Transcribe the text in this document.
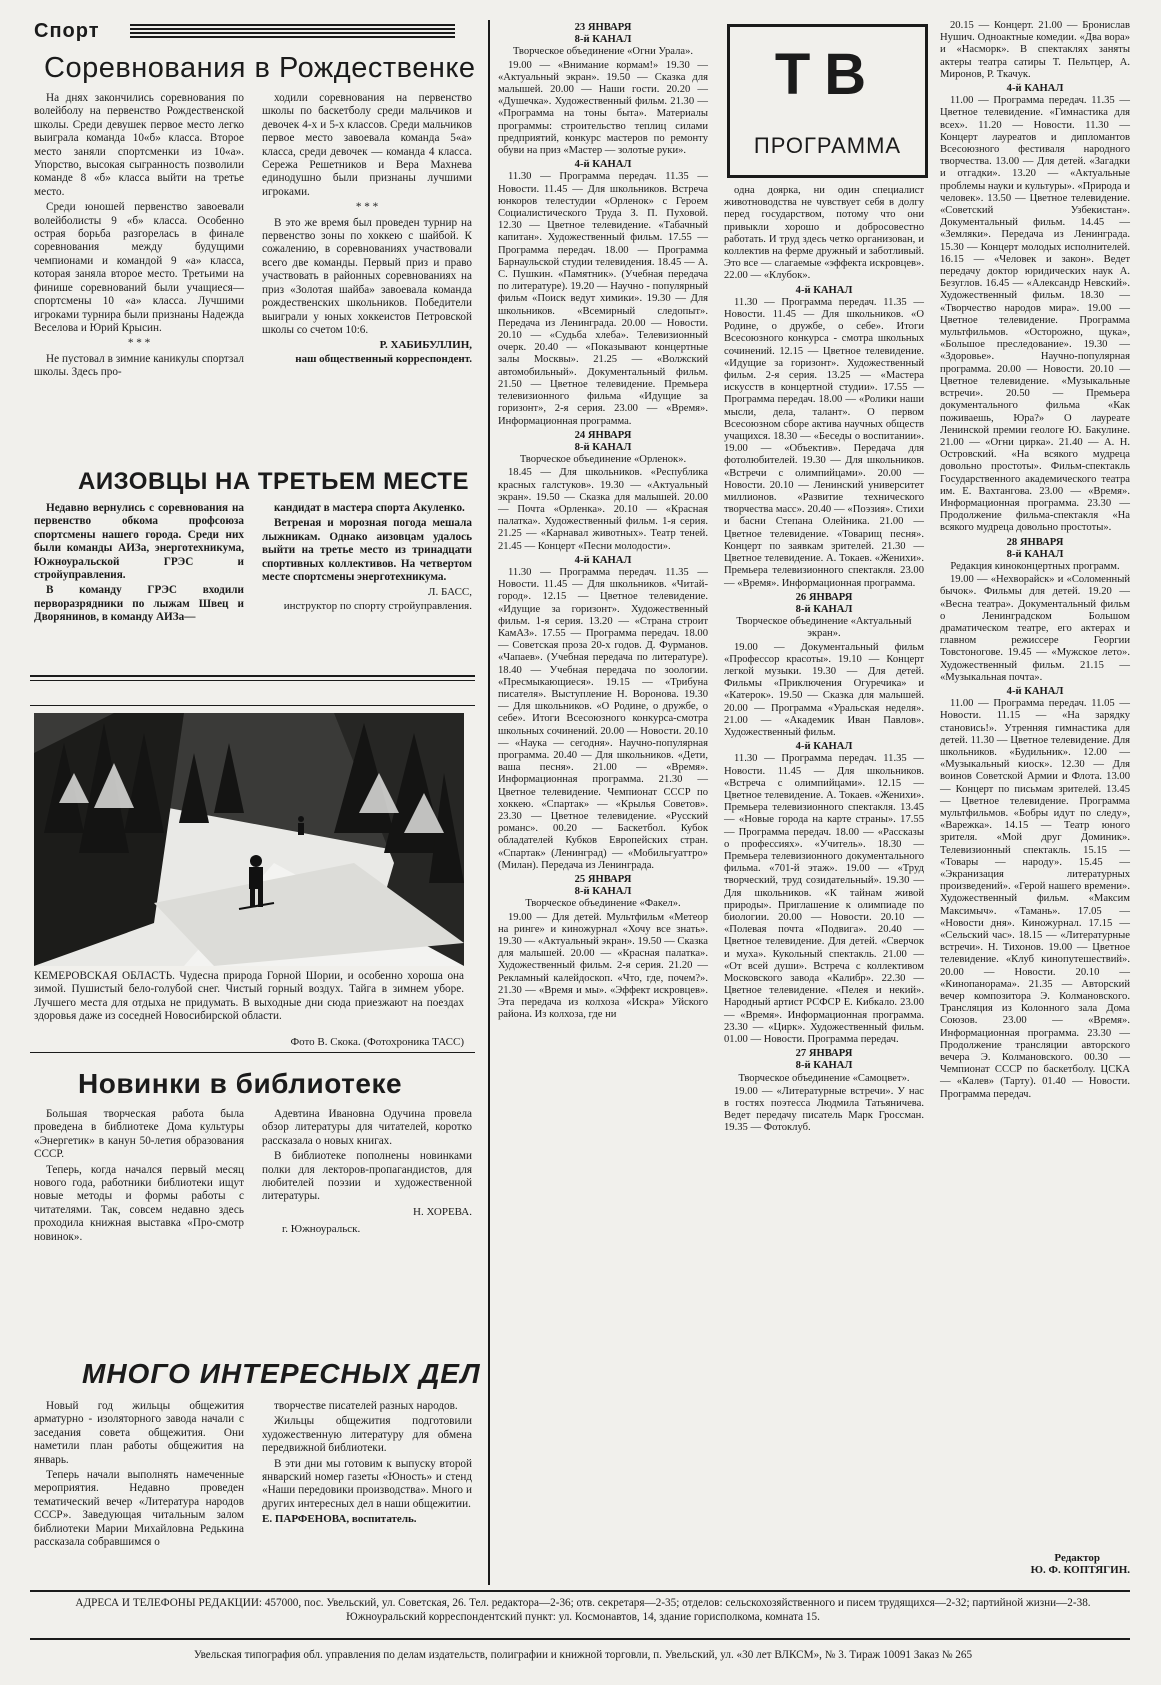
Спорт
Соревнования в Рождественке

На днях закончились соревнования по волейболу на первенство Рождественской школы. Среди девушек первое место легко выиграла команда 10«б» класса. Второе место заняли спортсменки из 10«а». Упорство, высокая сыгранность позволили команде 8 «б» класса выйти на третье место.

Среди юношей первенство завоевали волейболисты 9 «б» класса. Особенно острая борьба разгорелась в финале соревнования между будущими чемпионами и командой 9 «а» класса, которая заняла второе место. Третьими на финише соревнований были учащиеся—спортсмены 10 «а» класса. Лучшими игроками турнира были признаны Надежда Веселова и Юрий Крысин.

* * *

Не пустовал в зимние каникулы спортзал школы. Здесь про-

ходили соревнования на первенство школы по баскетболу среди мальчиков и девочек 4-х и 5-х классов. Среди мальчиков первое место завоевала команда 5«а» класса, среди девочек — команда 4 класса. Сережа Решетников и Вера Махнева единодушно были признаны лучшими игроками.

* * *

В это же время был проведен турнир на первенство зоны по хоккею с шайбой. К сожалению, в соревнованиях участвовали всего две команды. Первый приз и право участвовать в районных соревнованиях на приз «Золотая шайба» завоевала команда рождественских школьников. Победители выиграли у юных хоккеистов Петровской школы со счетом 10:6.

Р. ХАБИБУЛЛИН,
наш общественный корреспондент.
АИЗОВЦЫ НА ТРЕТЬЕМ МЕСТЕ

Недавно вернулись с соревнования на первенство обкома профсоюза спортсмены нашего города. Среди них были команды АИЗа, энерготехникума, Южноуральской ГРЭС и стройуправления.

В команду ГРЭС входили перворазрядники по лыжам Швец и Дворянинов, в команду АИЗа—

кандидат в мастера спорта Акуленко.

Ветреная и морозная погода мешала лыжникам. Однако аизовцам удалось выйти на третье место из тринадцати спортивных коллективов. На четвертом месте спортсмены энерготехникума.

Л. БАСС,
инструктор по спорту стройуправления.
КЕМЕРОВСКАЯ ОБЛАСТЬ. Чудесна природа Горной Шории, и особенно хороша она зимой. Пушистый бело-голубой снег. Чистый горный воздух. Тайга в зимнем уборе. Лучшего места для отдыха не придумать. В выходные дни сюда приезжают на поездах здоровья даже из соседней Новосибирской области.
Фото В. Скока. (Фотохроника ТАСС)
Новинки в библиотеке

Большая творческая работа была проведена в библиотеке Дома культуры «Энергетик» в канун 50-летия образования СССР.

Теперь, когда начался первый месяц нового года, работники библиотеки ищут новые методы и формы работы с читателями. Так, совсем недавно здесь проходила книжная выставка «Про-смотр новинок».

Адевтина Ивановна Одучина провела обзор литературы для читателей, коротко рассказала о новых книгах.

В библиотеке пополнены новинками полки для лекторов-пропагандистов, для любителей поэзии и художественной литературы.

Н. ХОРЕВА.
г. Южноуральск.
МНОГО ИНТЕРЕСНЫХ ДЕЛ

Новый год жильцы общежития арматурно - изоляторного завода начали с заседания совета общежития. Они наметили план работы общежития на январь.

Теперь начали выполнять намеченные мероприятия. Недавно проведен тематический вечер «Литература народов СССР». Заведующая читальным залом библиотеки Марии Михайловна Редькина рассказала собравшимся о

творчестве писателей разных народов.

Жильцы общежития подготовили художественную литературу для обмена передвижной библиотеки.

В эти дни мы готовим к выпуску второй январский номер газеты «Юность» и стенд «Наши передовики производства». Много и других интересных дел в наши общежитии.

Е. ПАРФЕНОВА, воспитатель.
23 ЯНВАРЯ
8-й КАНАЛ
Творческое объединение «Огни Урала».
19.00 — «Внимание кормам!» 19.30 — «Актуальный экран». 19.50 — Сказка для малышей. 20.00 — Наши гости. 20.20 — «Душечка». Художественный фильм. 21.30 — «Программа на тоны быта». Материалы программы: строительство теплиц силами предприятий, конкурс мастеров по ремонту обуви на приз «Мастер — золотые руки».
4-й КАНАЛ
11.30 — Программа передач. 11.35 — Новости. 11.45 — Для школьников. Встреча юнкоров телестудии «Орленок» с Героем Социалистического Труда З. П. Пуховой. 12.30 — Цветное телевидение. «Табачный капитан». Художественный фильм. 17.55 — Программа передач. 18.00 — Программа Барнаульской студии телевидения. 18.45 — А. С. Пушкин. «Памятник». (Учебная передача по литературе). 19.20 — Научно - популярный фильм «Поиск ведут химики». 19.30 — Для школьников. «Всемирный следопыт». Передача из Ленинграда. 20.00 — Новости. 20.10 — «Судьба хлеба». Телевизионный очерк. 20.40 — «Показывают концертные залы Москвы». 21.25 — «Волжский автомобильный». Документальный фильм. 21.50 — Цветное телевидение. Премьера телевизионного фильма «Идущие за горизонт», 2-я серия. 23.00 — «Время». Информационная программа.
24 ЯНВАРЯ
8-й КАНАЛ
Творческое объединение «Орленок».
18.45 — Для школьников. «Республика красных галстуков». 19.30 — «Актуальный экран». 19.50 — Сказка для малышей. 20.00 — Почта «Орленка». 20.10 — «Красная палатка». Художественный фильм. 1-я серия. 21.25 — «Карнавал животных». Театр теней. 21.45 — Концерт «Песни молодости».
4-й КАНАЛ
11.30 — Программа передач. 11.35 — Новости. 11.45 — Для школьников. «Читай-город». 12.15 — Цветное телевидение. «Идущие за горизонт». Художественный фильм. 1-я серия. 13.20 — «Страна строит КамАЗ». 17.55 — Программа передач. 18.00 — Советская проза 20-х годов. Д. Фурманов. «Чапаев». (Учебная передача по литературе). 18.40 — Учебная передача по зоологии. «Пресмыкающиеся». 19.15 — «Трибуна писателя». Выступление Н. Воронова. 19.30 — Для школьников. «О Родине, о дружбе, о себе». Итоги Всесоюзного конкурса-смотра школьных сочинений. 20.00 — Новости. 20.10 — «Наука — сегодня». Научно-популярная программа. 20.40 — Для школьников. «Дети, ваша песня». 21.00 — «Время». Информационная программа. 21.30 — Цветное телевидение. Чемпионат СССР по хоккею. «Спартак» — «Крылья Советов». 23.30 — Цветное телевидение. «Русский романс». 00.20 — Баскетбол. Кубок обладателей Кубков Европейских стран. «Спартак» (Ленинград) — «Мобильгуаттро» (Милан). Передача из Ленинграда.
25 ЯНВАРЯ
8-й КАНАЛ
Творческое объединение «Факел».
19.00 — Для детей. Мультфильм «Метеор на ринге» и киножурнал «Хочу все знать». 19.30 — «Актуальный экран». 19.50 — Сказка для малышей. 20.00 — «Красная палатка». Художественный фильм. 2-я серия. 21.20 — Рекламный калейдоскоп. «Что, где, почем?». 21.30 — «Время и мы». «Эффект искровцев». Эта передача из колхоза «Искра» Уйского района. Из колхоза, где ни
ТВ
ПРОГРАММА
одна доярка, ни один специалист животноводства не чувствует себя в долгу перед государством, потому что они привыкли хорошо и добросовестно работать. И труд здесь четко организован, и коллектив на ферме дружный и заботливый. Это все — слагаемые «эффекта искровцев». 22.00 — «Клубок».
4-й КАНАЛ
11.30 — Программа передач. 11.35 — Новости. 11.45 — Для школьников. «О Родине, о дружбе, о себе». Итоги Всесоюзного конкурса - смотра школьных сочинений. 12.15 — Цветное телевидение. «Идущие за горизонт». Художественный фильм. 2-я серия. 13.25 — «Мастера искусств в концертной студии». 17.55 — Программа передач. 18.00 — «Ролики наши мысли, дела, талант». О первом Всесоюзном сборе актива научных обществ учащихся. 18.30 — «Беседы о воспитании». 19.00 — «Объектив». Передача для фотолюбителей. 19.30 — Для школьников. «Встречи с олимпийцами». 20.00 — Новости. 20.10 — Ленинский университет миллионов. «Развитие технического творчества масс». 20.40 — «Поэзия». Стихи и басни Степана Олейника. 21.00 — Цветное телевидение. «Товарищ песня». Концерт по заявкам зрителей. 21.30 — Цветное телевидение. А. Токаев. «Женихи». Премьера телевизионного спектакля. 23.00 — «Время». Информационная программа.
26 ЯНВАРЯ
8-й КАНАЛ
Творческое объединение «Актуальный экран».
19.00 — Документальный фильм «Профессор красоты». 19.10 — Концерт легкой музыки. 19.30 — Для детей. Фильмы «Приключения Огуречика» и «Катерок». 19.50 — Сказка для малышей. 20.00 — Программа «Уральская неделя». 21.00 — «Академик Иван Павлов». Художественный фильм.
4-й КАНАЛ
11.30 — Программа передач. 11.35 — Новости. 11.45 — Для школьников. «Встреча с олимпийцами». 12.15 — Цветное телевидение. А. Токаев. «Женихи». Премьера телевизионного спектакля. 13.45 — «Новые города на карте страны». 17.55 — Программа передач. 18.00 — «Рассказы о профессиях». «Учитель». 18.30 — Премьера телевизионного документального фильма. «701-й этаж». 19.00 — «Труд творческий, труд созидательный». 19.30 — Для школьников. «К тайнам живой природы». Приглашение к олимпиаде по биологии. 20.00 — Новости. 20.10 — «Полевая почта «Подвига». 20.40 — Цветное телевидение. Для детей. «Сверчок и муха». Кукольный спектакль. 21.00 — «От всей души». Встреча с коллективом Московского завода «Калибр». 22.30 — Цветное телевидение. «Пелея и некий». Народный артист РСФСР Е. Кибкало. 23.00 — «Время». Информационная программа. 23.30 — «Цирк». Художественный фильм. 01.00 — Новости. Программа передач.
27 ЯНВАРЯ
8-й КАНАЛ
Творческое объединение «Самоцвет».
19.00 — «Литературные встречи». У нас в гостях поэтесса Людмила Татьяничева. Ведет передачу писатель Марк Гроссман. 19.35 — Фотоклуб.
20.15 — Концерт. 21.00 — Бронислав Нушич. Одноактные комедии. «Два вора» и «Насморк». В спектаклях заняты актеры театра сатиры Т. Пельтцер, А. Миронов, Р. Ткачук.
4-й КАНАЛ
11.00 — Программа передач. 11.35 — Цветное телевидение. «Гимнастика для всех». 11.20 — Новости. 11.30 — Концерт лауреатов и дипломантов Всесоюзного фестиваля народного творчества. 13.00 — Для детей. «Загадки и отгадки». 13.20 — «Актуальные проблемы науки и культуры». «Природа и человек». 13.50 — Цветное телевидение. «Советский Узбекистан». Документальный фильм. 14.45 — «Земляки». Передача из Ленинграда. 15.30 — Концерт молодых исполнителей. 16.15 — «Человек и закон». Ведет передачу доктор юридических наук А. Безуглов. 16.45 — «Александр Невский». Художественный фильм. 18.30 — «Творчество народов мира». 19.00 — Цветное телевидение. Программа мультфильмов. «Осторожно, щука», «Большое преследование». 19.30 — «Здоровье». Научно-популярная программа. 20.00 — Новости. 20.10 — Цветное телевидение. «Музыкальные встречи». 20.50 — Премьера документального фильма «Как поживаешь, Юра?» О лауреате Ленинской премии геологе Ю. Бакулине. 21.00 — «Огни цирка». 21.40 — А. Н. Островский. «На всякого мудреца довольно простоты». Фильм-спектакль Государственного академического театра им. Е. Вахтангова. 23.00 — «Время». Информационная программа. 23.30 — Продолжение фильма-спектакля «На всякого мудреца довольно простоты».
28 ЯНВАРЯ
8-й КАНАЛ
Редакция киноконцертных программ.
19.00 — «Нехворайск» и «Соломенный бычок». Фильмы для детей. 19.20 — «Весна театра». Документальный фильм о Ленинградском Большом драматическом театре, его актерах и главном режиссере Георгии Товстоногове. 19.45 — «Мужское лето». Художественный фильм. 21.15 — «Музыкальная почта».
4-й КАНАЛ
11.00 — Программа передач. 11.05 — Новости. 11.15 — «На зарядку становись!». Утренняя гимнастика для детей. 11.30 — Цветное телевидение. Для школьников. «Будильник». 12.00 — «Музыкальный киоск». 12.30 — Для воинов Советской Армии и Флота. 13.00 — Концерт по письмам зрителей. 13.45 — Цветное телевидение. Программа мультфильмов. «Бобры идут по следу», «Варежка». 14.15 — Театр юного зрителя. «Мой друг Доминик». Телевизионный спектакль. 15.15 — «Товары — народу». 15.45 — «Экранизация литературных произведений». «Герой нашего времени». Художественный фильм. «Максим Максимыч». «Тамань». 17.05 — «Новости дня». Киножурнал. 17.15 — «Сельский час». 18.15 — «Литературные встречи». Н. Тихонов. 19.00 — Цветное телевидение. «Клуб кинопутешествий». 20.00 — Новости. 20.10 — «Кинопанорама». 21.35 — Авторский вечер композитора Э. Колмановского. Трансляция из Колонного зала Дома Союзов. 23.00 — «Время». Информационная программа. 23.30 — Продолжение трансляции авторского вечера Э. Колмановского. 00.30 — Чемпионат СССР по баскетболу. ЦСКА — «Калев» (Тарту). 01.40 — Новости. Программа передач.
Редактор
Ю. Ф. КОПТЯГИН.
АДРЕСА И ТЕЛЕФОНЫ РЕДАКЦИИ: 457000, пос. Увельский, ул. Советская, 26. Тел. редактора—2-36; отв. секретаря—2-35; отделов: сельскохозяйственного и писем трудящихся—2-32; партийной жизни—2-38. Южноуральский корреспондентский пункт: ул. Космонавтов, 14, здание горисполкома, комната 15.
Увельская типография обл. управления по делам издательств, полиграфии и книжной торговли, п. Увельский, ул. «30 лет ВЛКСМ», № 3. Тираж 10091 Заказ № 265
